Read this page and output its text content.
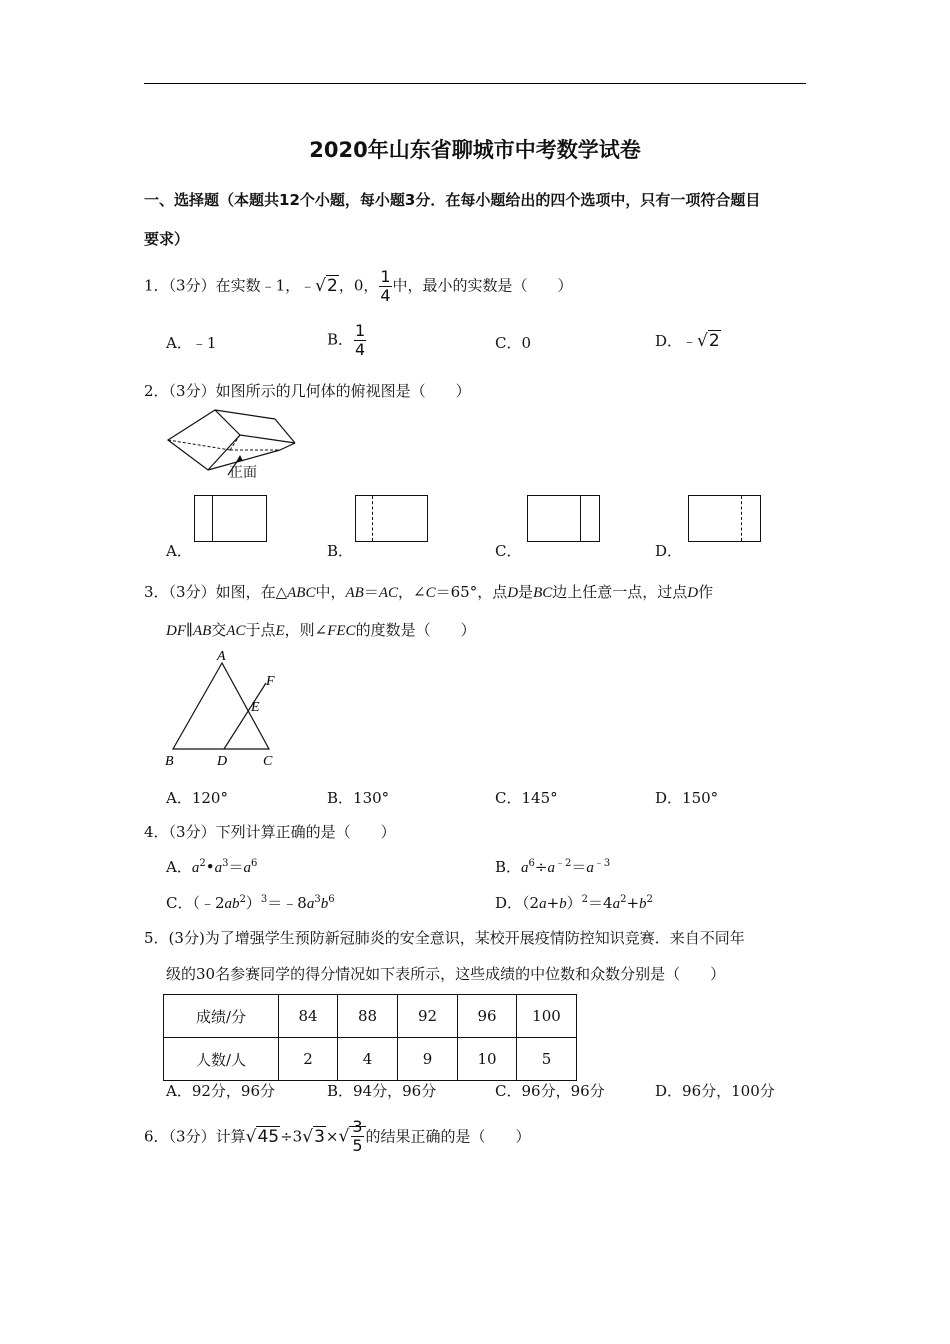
2020年山东省聊城市中考数学试卷
一、选择题（本题共12个小题，每小题3分．在每小题给出的四个选项中，只有一项符合题目
要求）
1．（3分）在实数﹣1，﹣√2，0， $\frac{1}{4}$ 中，最小的实数是（　　）
A．﹣1	B． $\frac{1}{4}$	C．0	D．﹣√2
2．（3分）如图所示的几何体的俯视图是（　　）
正面
A．	B．	C．	D．
3．（3分）如图，在△ABC中，AB＝AC，∠C＝65°，点D是BC边上任意一点，过点D作
DF∥AB交AC于点E，则∠FEC的度数是（　　）
A
B	D	C
E
F
A．120°	B．130°	C．145°	D．150°
4．（3分）下列计算正确的是（　　）
A．$a^2•a^3=a^6$	B．$a^6\div a^{﹣2}=a^{﹣3}$
C．$(﹣2ab^2)^3=﹣8a^3b^6$	D．$(2a+b)^2=4a^2+b^2$
5．(3分)为了增强学生预防新冠肺炎的安全意识，某校开展疫情防控知识竞赛．来自不同年
级的30名参赛同学的得分情况如下表所示，这些成绩的中位数和众数分别是（　　）
成绩/分	84	88	92	96	100
人数/人	2	4	9	10	5
A．92分，96分	B．94分，96分	C．96分，96分	D．96分，100分
6．（3分）计算$√45\div 3√3\times√ \frac{3}{5}$ 的结果正确的是（　　）
